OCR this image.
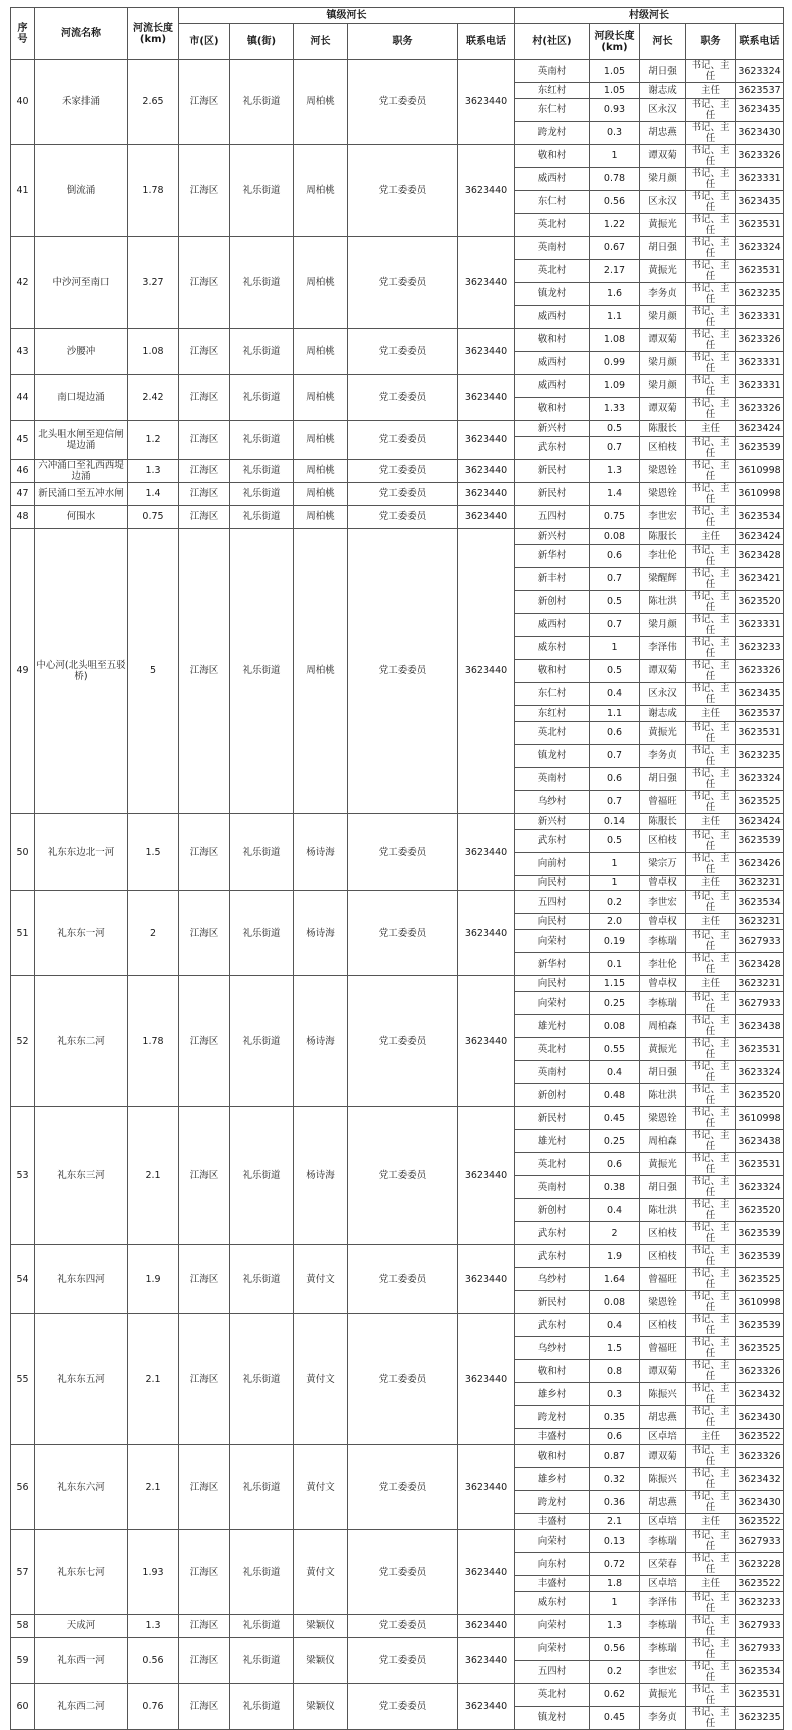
序号	河流名称	河流长度(km)	镇级河长					村级河长				
			市(区)	镇(街)	河长	职务	联系电话	村(社区)	河段长度(km)	河长	职务	联系电话
40	禾家排涌	2.65	江海区	礼乐街道	周柏桃	党工委委员	3623440	英南村	1.05	胡日强	书记、主任	3623324
								东红村	1.05	谢志成	主任	3623537
								东仁村	0.93	区永汉	书记、主任	3623435
								跨龙村	0.3	胡忠燕	书记、主任	3623430
41	倒流涌	1.78	江海区	礼乐街道	周柏桃	党工委委员	3623440	敬和村	1	谭双菊	书记、主任	3623326
								威西村	0.78	梁月颜	书记、主任	3623331
								东仁村	0.56	区永汉	书记、主任	3623435
								英北村	1.22	黄振光	书记、主任	3623531
42	中沙河至南口	3.27	江海区	礼乐街道	周柏桃	党工委委员	3623440	英南村	0.67	胡日强	书记、主任	3623324
								英北村	2.17	黄振光	书记、主任	3623531
								镇龙村	1.6	李务贞	书记、主任	3623235
								威西村	1.1	梁月颜	书记、主任	3623331
43	沙腰冲	1.08	江海区	礼乐街道	周柏桃	党工委委员	3623440	敬和村	1.08	谭双菊	书记、主任	3623326
								威西村	0.99	梁月颜	书记、主任	3623331
44	南口堤边涌	2.42	江海区	礼乐街道	周柏桃	党工委委员	3623440	威西村	1.09	梁月颜	书记、主任	3623331
								敬和村	1.33	谭双菊	书记、主任	3623326
45	北头咀水闸至迎信闸堤边涌	1.2	江海区	礼乐街道	周柏桃	党工委委员	3623440	新兴村	0.5	陈服长	主任	3623424
								武东村	0.7	区柏枝	书记、主任	3623539
46	六冲涌口至礼西西堤边涌	1.3	江海区	礼乐街道	周柏桃	党工委委员	3623440	新民村	1.3	梁恩铨	书记、主任	3610998
47	新民涌口至五冲水闸	1.4	江海区	礼乐街道	周柏桃	党工委委员	3623440	新民村	1.4	梁恩铨	书记、主任	3610998
48	何围水	0.75	江海区	礼乐街道	周柏桃	党工委委员	3623440	五四村	0.75	李世宏	书记、主任	3623534
49	中心河(北头咀至五驳桥)	5	江海区	礼乐街道	周柏桃	党工委委员	3623440	新兴村	0.08	陈服长	主任	3623424
								新华村	0.6	李壮伦	书记、主任	3623428
								新丰村	0.7	梁醒辉	书记、主任	3623421
								新创村	0.5	陈壮洪	书记、主任	3623520
								威西村	0.7	梁月颜	书记、主任	3623331
								威东村	1	李泽伟	书记、主任	3623233
								敬和村	0.5	谭双菊	书记、主任	3623326
								东仁村	0.4	区永汉	书记、主任	3623435
								东红村	1.1	谢志成	主任	3623537
								英北村	0.6	黄振光	书记、主任	3623531
								镇龙村	0.7	李务贞	书记、主任	3623235
								英南村	0.6	胡日强	书记、主任	3623324
								乌纱村	0.7	曾福旺	书记、主任	3623525
50	礼东东边北一河	1.5	江海区	礼乐街道	杨诗海	党工委委员	3623440	新兴村	0.14	陈服长	主任	3623424
								武东村	0.5	区柏枝	书记、主任	3623539
								向前村	1	梁宗万	书记、主任	3623426
								向民村	1	曾卓权	主任	3623231
51	礼东东一河	2	江海区	礼乐街道	杨诗海	党工委委员	3623440	五四村	0.2	李世宏	书记、主任	3623534
								向民村	2.0	曾卓权	主任	3623231
								向荣村	0.19	李栋瑞	书记、主任	3627933
								新华村	0.1	李壮伦	书记、主任	3623428
52	礼东东二河	1.78	江海区	礼乐街道	杨诗海	党工委委员	3623440	向民村	1.15	曾卓权	主任	3623231
								向荣村	0.25	李栋瑞	书记、主任	3627933
								雄光村	0.08	周柏森	书记、主任	3623438
								英北村	0.55	黄振光	书记、主任	3623531
								英南村	0.4	胡日强	书记、主任	3623324
								新创村	0.48	陈壮洪	书记、主任	3623520
53	礼东东三河	2.1	江海区	礼乐街道	杨诗海	党工委委员	3623440	新民村	0.45	梁恩铨	书记、主任	3610998
								雄光村	0.25	周柏森	书记、主任	3623438
								英北村	0.6	黄振光	书记、主任	3623531
								英南村	0.38	胡日强	书记、主任	3623324
								新创村	0.4	陈壮洪	书记、主任	3623520
								武东村	2	区柏枝	书记、主任	3623539
54	礼东东四河	1.9	江海区	礼乐街道	黄付文	党工委委员	3623440	武东村	1.9	区柏枝	书记、主任	3623539
								乌纱村	1.64	曾福旺	书记、主任	3623525
								新民村	0.08	梁恩铨	书记、主任	3610998
55	礼东东五河	2.1	江海区	礼乐街道	黄付文	党工委委员	3623440	武东村	0.4	区柏枝	书记、主任	3623539
								乌纱村	1.5	曾福旺	书记、主任	3623525
								敬和村	0.8	谭双菊	书记、主任	3623326
								雄乡村	0.3	陈振兴	书记、主任	3623432
								跨龙村	0.35	胡忠燕	书记、主任	3623430
								丰盛村	0.6	区卓培	主任	3623522
56	礼东东六河	2.1	江海区	礼乐街道	黄付文	党工委委员	3623440	敬和村	0.87	谭双菊	书记、主任	3623326
								雄乡村	0.32	陈振兴	书记、主任	3623432
								跨龙村	0.36	胡忠燕	书记、主任	3623430
								丰盛村	2.1	区卓培	主任	3623522
57	礼东东七河	1.93	江海区	礼乐街道	黄付文	党工委委员	3623440	向荣村	0.13	李栋瑞	书记、主任	3627933
								向东村	0.72	区荣春	书记、主任	3623228
								丰盛村	1.8	区卓培	主任	3623522
								威东村	1	李泽伟	书记、主任	3623233
58	天成河	1.3	江海区	礼乐街道	梁颖仪	党工委委员	3623440	向荣村	1.3	李栋瑞	书记、主任	3627933
59	礼东西一河	0.56	江海区	礼乐街道	梁颖仪	党工委委员	3623440	向荣村	0.56	李栋瑞	书记、主任	3627933
								五四村	0.2	李世宏	书记、主任	3623534
60	礼东西二河	0.76	江海区	礼乐街道	梁颖仪	党工委委员	3623440	英北村	0.62	黄振光	书记、主任	3623531
								镇龙村	0.45	李务贞	书记、主任	3623235
